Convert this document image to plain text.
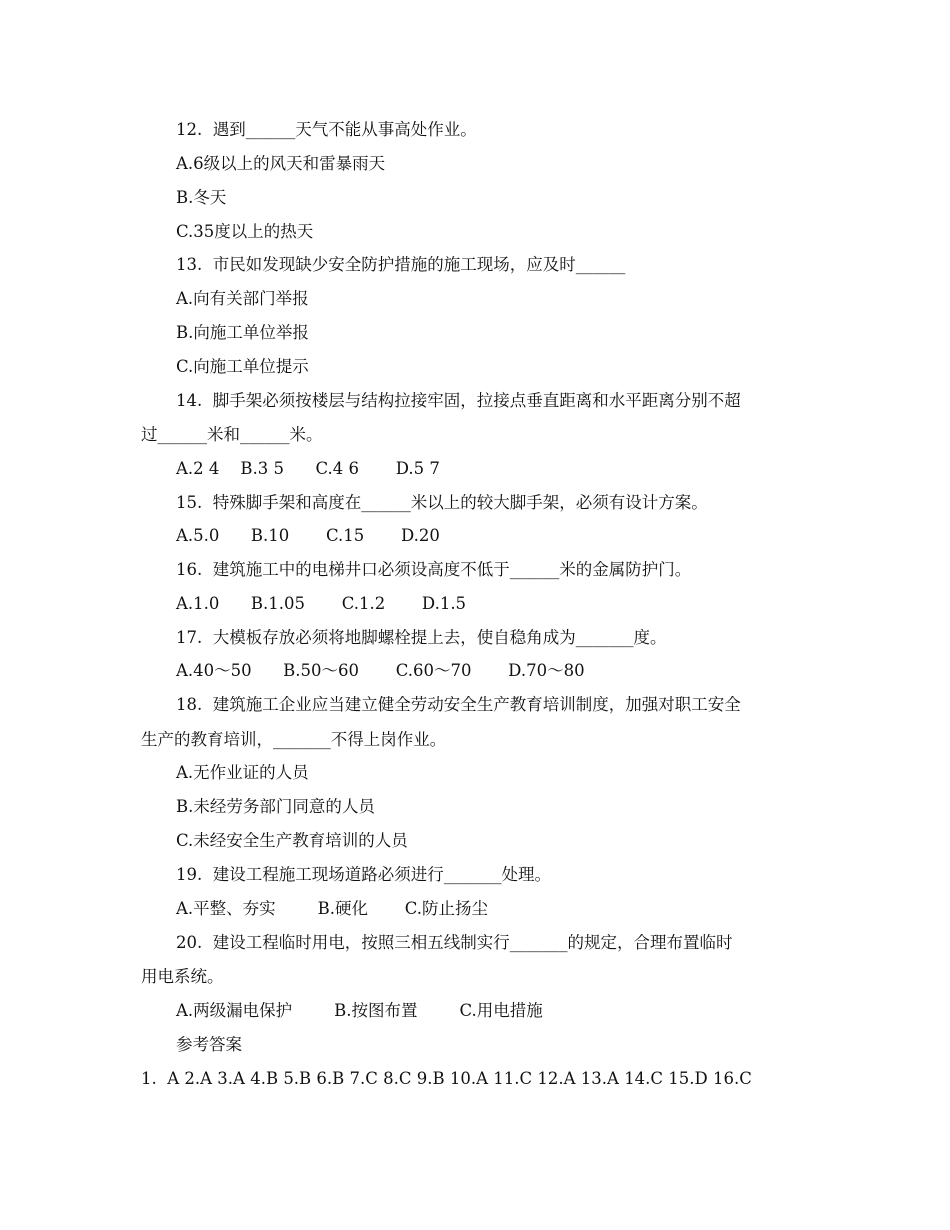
12.  遇到______天气不能从事高处作业。

A.6级以上的风天和雷暴雨天

B.冬天

C.35度以上的热天

13.  市民如发现缺少安全防护措施的施工现场，应及时______

A.向有关部门举报

B.向施工单位举报

C.向施工单位提示

14.  脚手架必须按楼层与结构拉接牢固，拉接点垂直距离和水平距离分别不超

过______米和______米。

A.2 4    B.3 5      C.4 6       D.5 7

15.  特殊脚手架和高度在______米以上的较大脚手架，必须有设计方案。

A.5.0      B.10       C.15       D.20

16.  建筑施工中的电梯井口必须设高度不低于______米的金属防护门。

A.1.0      B.1.05       C.1.2       D.1.5

17.  大模板存放必须将地脚螺栓提上去，使自稳角成为_______度。

A.40～50      B.50～60       C.60～70       D.70～80

18.  建筑施工企业应当建立健全劳动安全生产教育培训制度，加强对职工安全

生产的教育培训，_______不得上岗作业。

A.无作业证的人员

B.未经劳务部门同意的人员

C.未经安全生产教育培训的人员

19.  建设工程施工现场道路必须进行_______处理。

A.平整、夯实        B.硬化       C.防止扬尘

20.  建设工程临时用电，按照三相五线制实行_______的规定，合理布置临时

用电系统。

A.两级漏电保护        B.按图布置        C.用电措施

参考答案

1.  A 2.A 3.A 4.B 5.B 6.B 7.C 8.C 9.B 10.A 11.C 12.A 13.A 14.C 15.D 16.C
